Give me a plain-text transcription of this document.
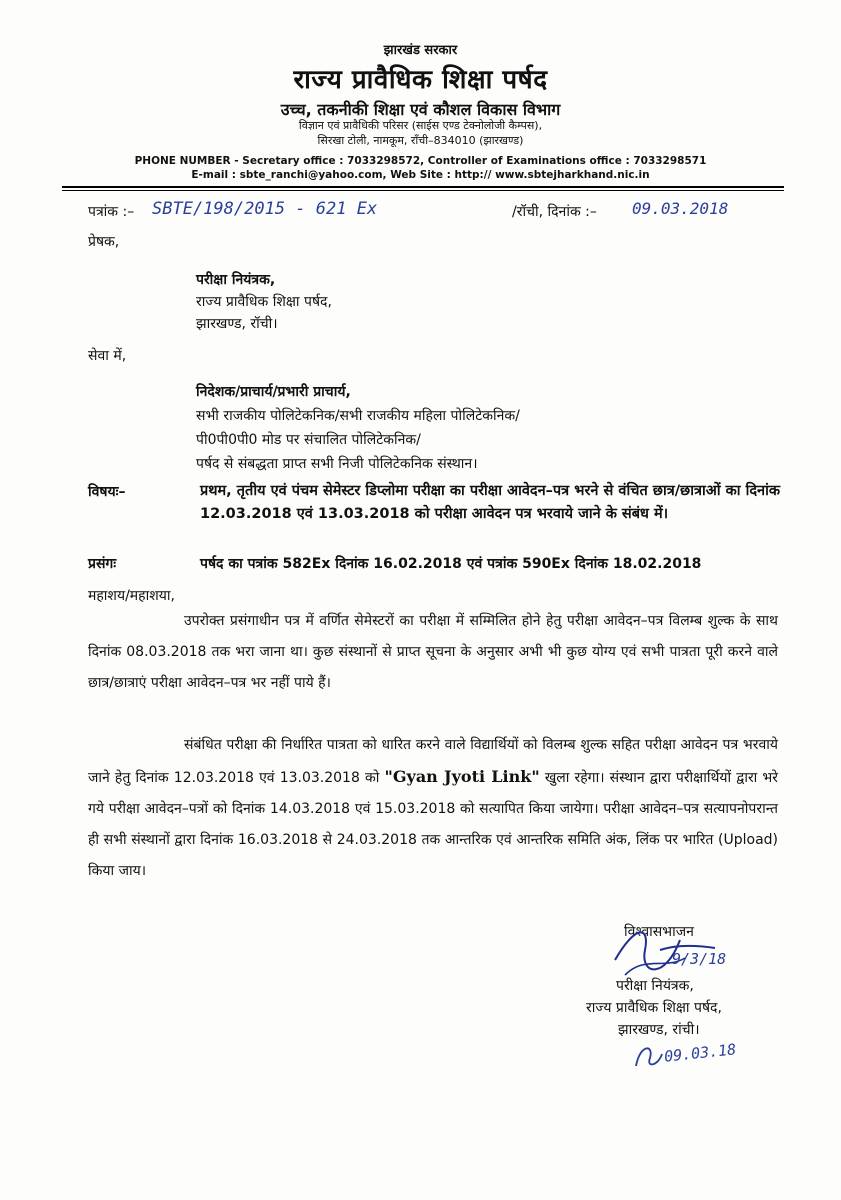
झारखंड सरकार
राज्य प्रावैधिक शिक्षा पर्षद
उच्च, तकनीकी शिक्षा एवं कौशल विकास विभाग
विज्ञान एवं प्रावैधिकी परिसर (साईस एण्ड टेक्नोलोजी कैम्पस),
सिरखा टोली, नामकूम, राँची–834010 (झारखण्ड)
PHONE NUMBER - Secretary office : 7033298572, Controller of Examinations office : 7033298571
E-mail : sbte_ranchi@yahoo.com, Web Site : http:// www.sbtejharkhand.nic.in
पत्रांक :– SBTE/198/2015 - 621 Ex	/रॉची, दिनांक :– 09.03.2018
प्रेषक,
परीक्षा नियंत्रक,
राज्य प्रावैधिक शिक्षा पर्षद,
झारखण्ड, रॉची।
सेवा में,
निदेशक/प्राचार्य/प्रभारी प्राचार्य,
सभी राजकीय पोलिटेकनिक/सभी राजकीय महिला पोलिटेकनिक/
पी0पी0पी0 मोड पर संचालित पोलिटेकनिक/
पर्षद से संबद्धता प्राप्त सभी निजी पोलिटेकनिक संस्थान।
विषयः–	प्रथम, तृतीय एवं पंचम सेमेस्टर डिप्लोमा परीक्षा का परीक्षा आवेदन–पत्र भरने से वंचित छात्र/छात्राओं का दिनांक 12.03.2018 एवं 13.03.2018 को परीक्षा आवेदन पत्र भरवाये जाने के संबंध में।
प्रसंगः	पर्षद का पत्रांक 582Ex दिनांक 16.02.2018 एवं पत्रांक 590Ex दिनांक 18.02.2018
महाशय/महाशया,
उपरोक्त प्रसंगाधीन पत्र में वर्णित सेमेस्टरों का परीक्षा में सम्मिलित होने हेतु परीक्षा आवेदन–पत्र विलम्ब शुल्क के साथ दिनांक 08.03.2018 तक भरा जाना था। कुछ संस्थानों से प्राप्त सूचना के अनुसार अभी भी कुछ योग्य एवं सभी पात्रता पूरी करने वाले छात्र/छात्राएं परीक्षा आवेदन–पत्र भर नहीं पाये हैं।
संबंधित परीक्षा की निर्धारित पात्रता को धारित करने वाले विद्यार्थियों को विलम्ब शुल्क सहित परीक्षा आवेदन पत्र भरवाये जाने हेतु दिनांक 12.03.2018 एवं 13.03.2018 को "Gyan Jyoti Link" खुला रहेगा। संस्थान द्वारा परीक्षार्थियों द्वारा भरे गये परीक्षा आवेदन–पत्रों को दिनांक 14.03.2018 एवं 15.03.2018 को सत्यापित किया जायेगा। परीक्षा आवेदन–पत्र सत्यापनोपरान्त ही सभी संस्थानों द्वारा दिनांक 16.03.2018 से 24.03.2018 तक आन्तरिक एवं आन्तरिक समिति अंक, लिंक पर भारित (Upload) किया जाय।
विश्वासभाजन
9/3/18
परीक्षा नियंत्रक,
राज्य प्रावैधिक शिक्षा पर्षद,
झारखण्ड, रांची।
09.03.18
